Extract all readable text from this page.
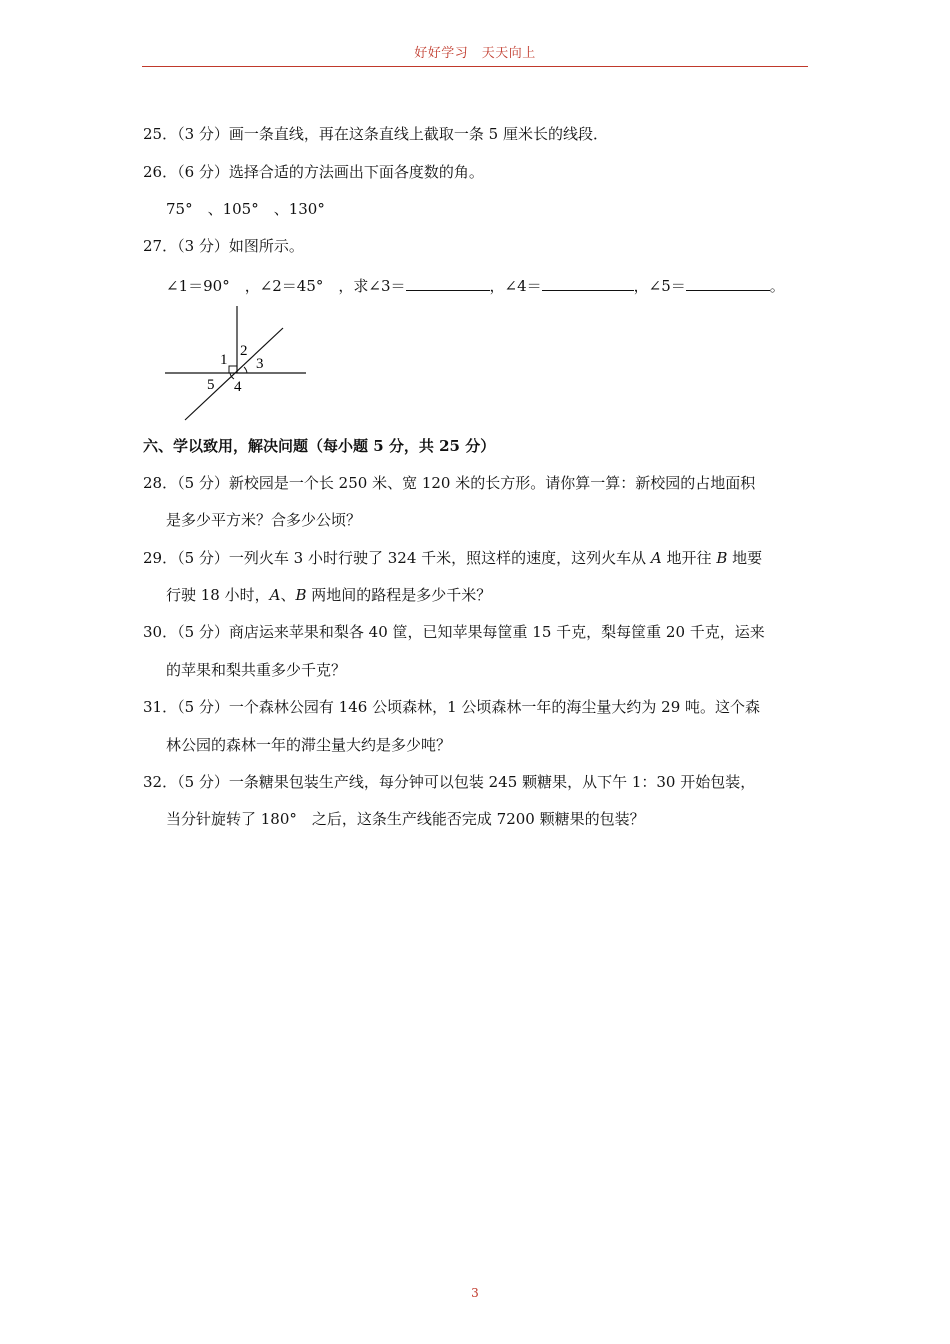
好好学习　天天向上
25．（3 分）画一条直线，再在这条直线上截取一条 5 厘米长的线段．
26．（6 分）选择合适的方法画出下面各度数的角。
75°　、105°　、130°
27．（3 分）如图所示。
∠1＝90°　，∠2＝45°　，求∠3＝	，∠4＝	，∠5＝	。
1
2
3
4
5
六、学以致用，解决问题（每小题 5 分，共 25 分）
28．（5 分）新校园是一个长 250 米、宽 120 米的长方形。请你算一算：新校园的占地面积
是多少平方米？合多少公顷？
29．（5 分）一列火车 3 小时行驶了 324 千米，照这样的速度，这列火车从 A 地开往 B 地要
行驶 18 小时，A、B 两地间的路程是多少千米？
30．（5 分）商店运来苹果和梨各 40 筐，已知苹果每筐重 15 千克，梨每筐重 20 千克，运来
的苹果和梨共重多少千克？
31．（5 分）一个森林公园有 146 公顷森林，1 公顷森林一年的海尘量大约为 29 吨。这个森
林公园的森林一年的滞尘量大约是多少吨？
32．（5 分）一条糖果包装生产线，每分钟可以包装 245 颗糖果，从下午 1：30 开始包装，
当分针旋转了 180°　之后，这条生产线能否完成 7200 颗糖果的包装？
3
